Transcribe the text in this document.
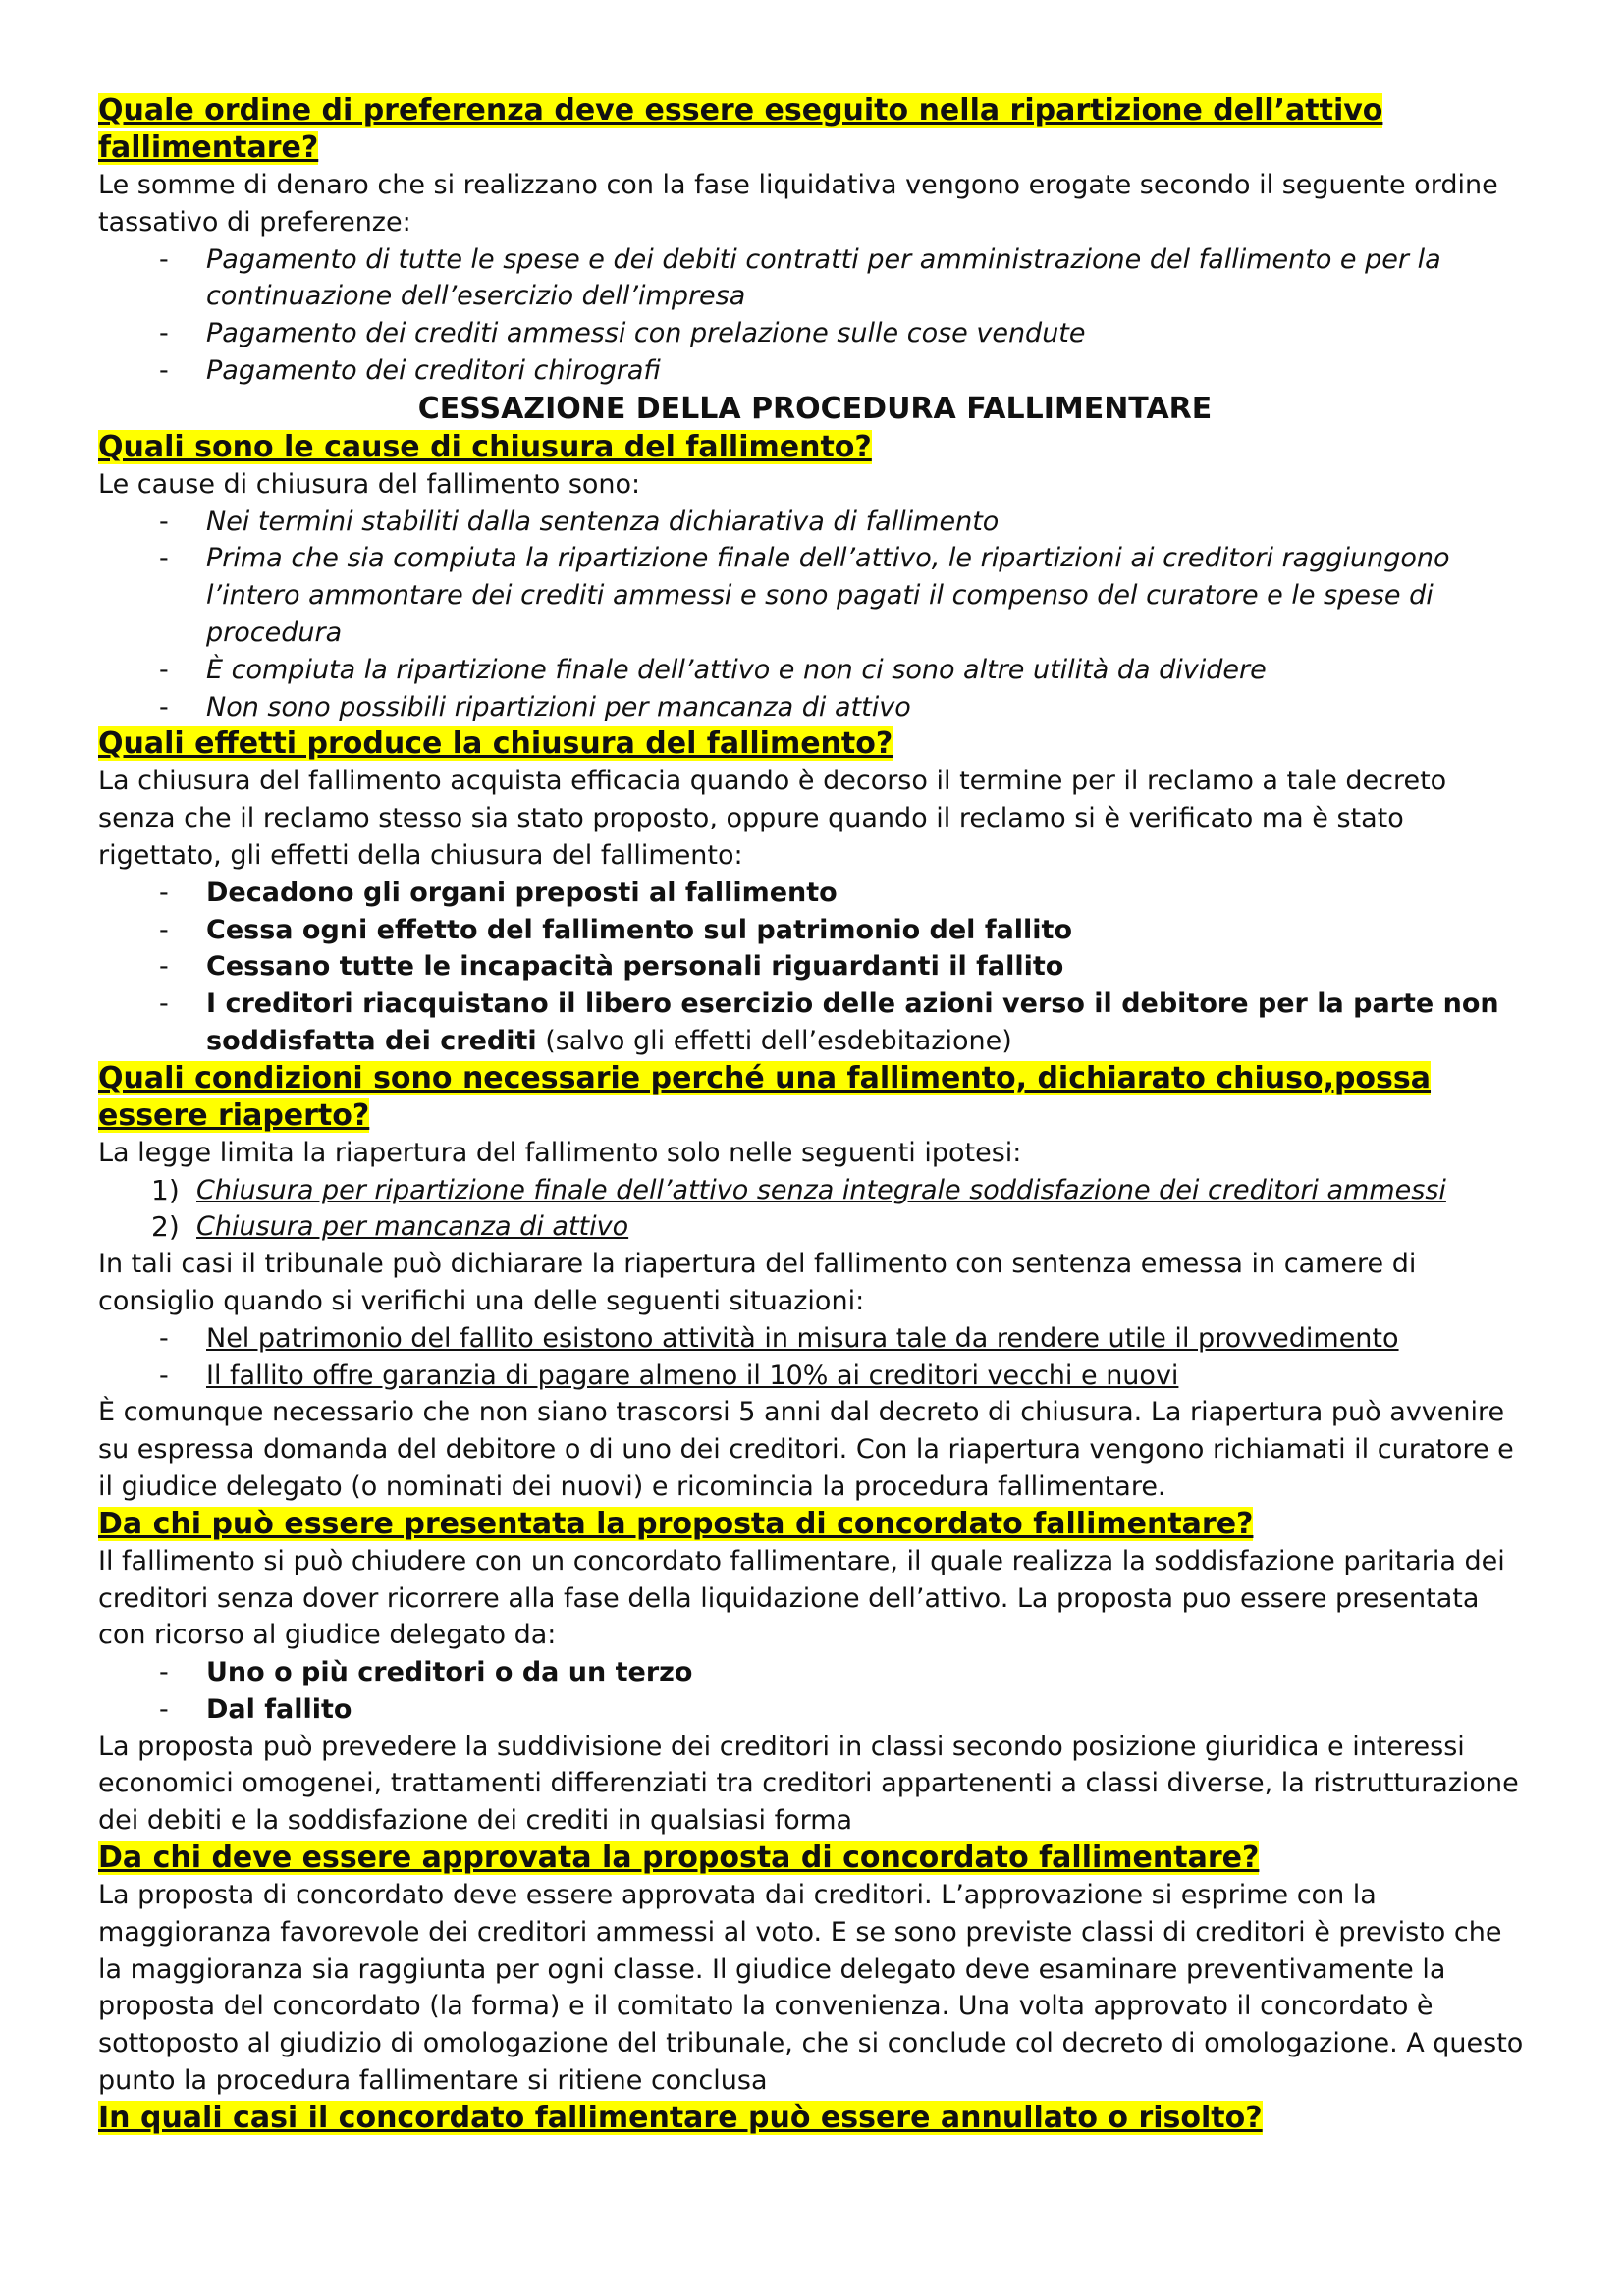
Quale ordine di preferenza deve essere eseguito nella ripartizione dell’attivo fallimentare?

Le somme di denaro che si realizzano con la fase liquidativa vengono erogate secondo il seguente ordine tassativo di preferenze:

- Pagamento di tutte le spese e dei debiti contratti per amministrazione del fallimento e per la continuazione dell’esercizio dell’impresa
- Pagamento dei crediti ammessi con prelazione sulle cose vendute
- Pagamento dei creditori chirografi

CESSAZIONE DELLA PROCEDURA FALLIMENTARE

Quali sono le cause di chiusura del fallimento?

Le cause di chiusura del fallimento sono:

- Nei termini stabiliti dalla sentenza dichiarativa di fallimento
- Prima che sia compiuta la ripartizione finale dell’attivo, le ripartizioni ai creditori raggiungono l’intero ammontare dei crediti ammessi e sono pagati il compenso del curatore e le spese di procedura
- È compiuta la ripartizione finale dell’attivo e non ci sono altre utilità da dividere
- Non sono possibili ripartizioni per mancanza di attivo

Quali effetti produce la chiusura del fallimento?

La chiusura del fallimento acquista efficacia quando è decorso il termine per il reclamo a tale decreto senza che il reclamo stesso sia stato proposto, oppure quando il reclamo si è verificato ma è stato rigettato, gli effetti della chiusura del fallimento:

- Decadono gli organi preposti al fallimento
- Cessa ogni effetto del fallimento sul patrimonio del fallito
- Cessano tutte le incapacità personali riguardanti il fallito
- I creditori riacquistano il libero esercizio delle azioni verso il debitore per la parte non soddisfatta dei crediti (salvo gli effetti dell’esdebitazione)

Quali condizioni sono necessarie perché una fallimento, dichiarato chiuso,possa essere riaperto?

La legge limita la riapertura del fallimento solo nelle seguenti ipotesi:

1) Chiusura per ripartizione finale dell’attivo senza integrale soddisfazione dei creditori ammessi
2) Chiusura per mancanza di attivo

In tali casi il tribunale può dichiarare la riapertura del fallimento con sentenza emessa in camere di consiglio quando si verifichi una delle seguenti situazioni:

- Nel patrimonio del fallito esistono attività in misura tale da rendere utile il provvedimento
- Il fallito offre garanzia di pagare almeno il 10% ai creditori vecchi e nuovi

È comunque necessario che non siano trascorsi 5 anni dal decreto di chiusura. La riapertura può avvenire su espressa domanda del debitore o di uno dei creditori. Con la riapertura vengono richiamati il curatore e il giudice delegato (o nominati dei nuovi) e ricomincia la procedura fallimentare.

Da chi può essere presentata la proposta di concordato fallimentare?

Il fallimento si può chiudere con un concordato fallimentare, il quale realizza la soddisfazione paritaria dei creditori senza dover ricorrere alla fase della liquidazione dell’attivo. La proposta puo essere presentata con ricorso al giudice delegato da:

- Uno o più creditori o da un terzo
- Dal fallito

La proposta può prevedere la suddivisione dei creditori in classi secondo posizione giuridica e interessi economici omogenei, trattamenti differenziati tra creditori appartenenti a classi diverse, la ristrutturazione dei debiti e la soddisfazione dei crediti in qualsiasi forma

Da chi deve essere approvata la proposta di concordato fallimentare?

La proposta di concordato deve essere approvata dai creditori. L’approvazione si esprime con la maggioranza favorevole dei creditori ammessi al voto. E se sono previste classi di creditori è previsto che la maggioranza sia raggiunta per ogni classe. Il giudice delegato deve esaminare preventivamente la proposta del concordato (la forma) e il comitato la convenienza. Una volta approvato il concordato è sottoposto al giudizio di omologazione del tribunale, che si conclude col decreto di omologazione. A questo punto la procedura fallimentare si ritiene conclusa

In quali casi il concordato fallimentare può essere annullato o risolto?
